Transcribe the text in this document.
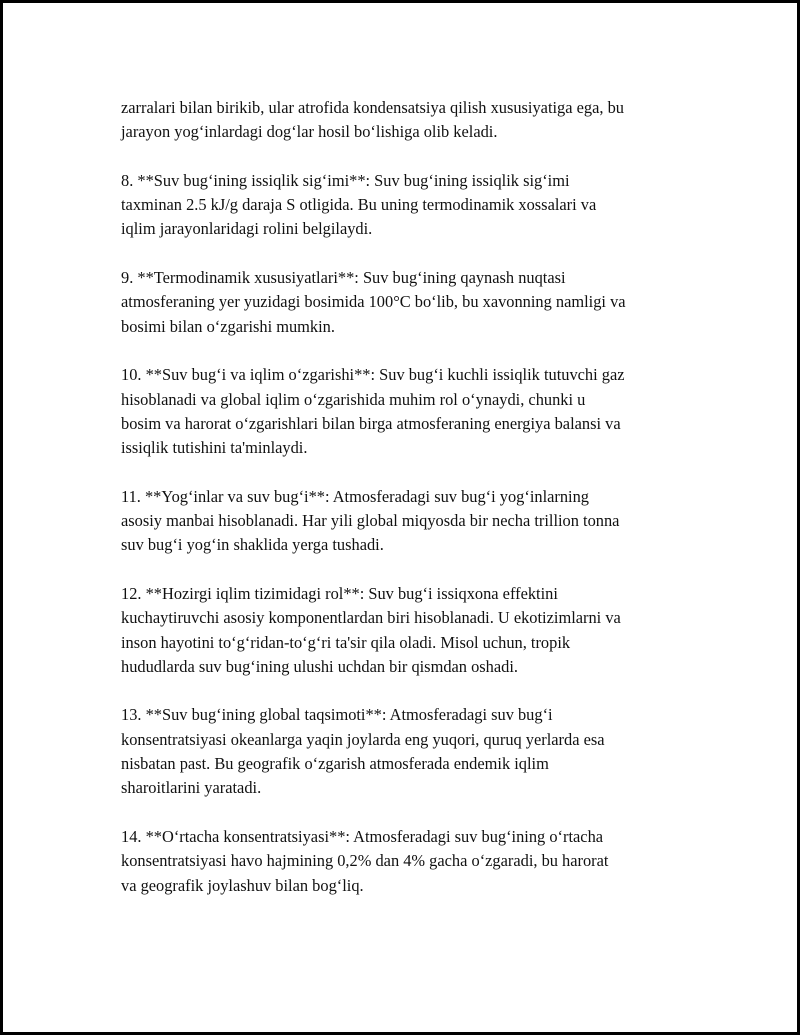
zarralari bilan birikib, ular atrofida kondensatsiya qilish xususiyatiga ega, bu
jarayon yog‘inlardagi dog‘lar hosil bo‘lishiga olib keladi.

8. **Suv bug‘ining issiqlik sig‘imi**: Suv bug‘ining issiqlik sig‘imi
taxminan 2.5 kJ/g daraja S otligida. Bu uning termodinamik xossalari va
iqlim jarayonlaridagi rolini belgilaydi.

9. **Termodinamik xususiyatlari**: Suv bug‘ining qaynash nuqtasi
atmosferaning yer yuzidagi bosimida 100°C bo‘lib, bu xavonning namligi va
bosimi bilan o‘zgarishi mumkin.

10. **Suv bug‘i va iqlim o‘zgarishi**: Suv bug‘i kuchli issiqlik tutuvchi gaz
hisoblanadi va global iqlim o‘zgarishida muhim rol o‘ynaydi, chunki u
bosim va harorat o‘zgarishlari bilan birga atmosferaning energiya balansi va
issiqlik tutishini ta'minlaydi.

11. **Yog‘inlar va suv bug‘i**: Atmosferadagi suv bug‘i yog‘inlarning
asosiy manbai hisoblanadi. Har yili global miqyosda bir necha trillion tonna
suv bug‘i yog‘in shaklida yerga tushadi.

12. **Hozirgi iqlim tizimidagi rol**: Suv bug‘i issiqxona effektini
kuchaytiruvchi asosiy komponentlardan biri hisoblanadi. U ekotizimlarni va
inson hayotini to‘g‘ridan-to‘g‘ri ta'sir qila oladi. Misol uchun, tropik
hududlarda suv bug‘ining ulushi uchdan bir qismdan oshadi.

13. **Suv bug‘ining global taqsimoti**: Atmosferadagi suv bug‘i
konsentratsiyasi okeanlarga yaqin joylarda eng yuqori, quruq yerlarda esa
nisbatan past. Bu geografik o‘zgarish atmosferada endemik iqlim
sharoitlarini yaratadi.

14. **O‘rtacha konsentratsiyasi**: Atmosferadagi suv bug‘ining o‘rtacha
konsentratsiyasi havo hajmining 0,2% dan 4% gacha o‘zgaradi, bu harorat
va geografik joylashuv bilan bog‘liq.
